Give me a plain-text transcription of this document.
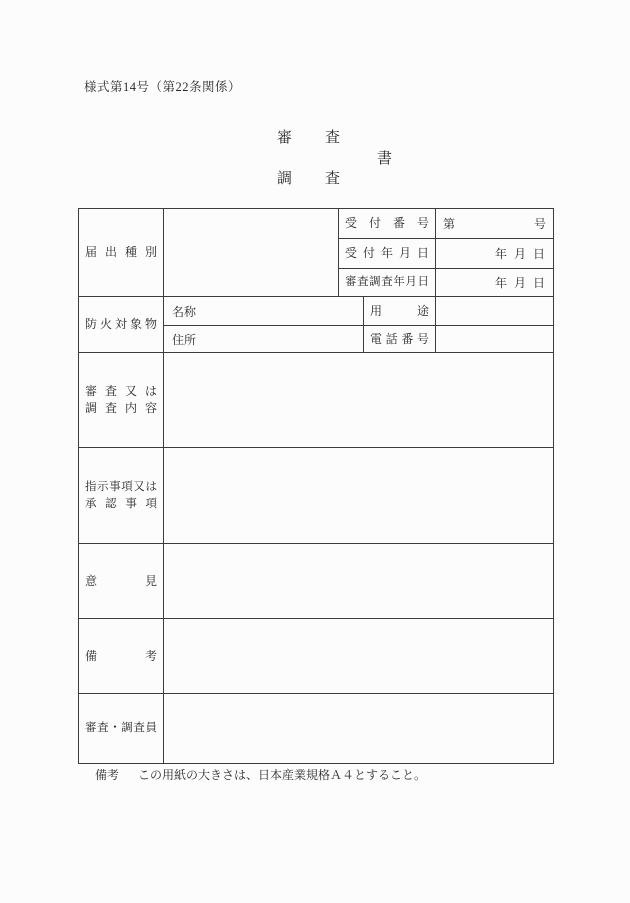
様式第14号（第22条関係）
審　　査
書
調　　査
届出種別		受付番号		第 号

		受付年月日		年 月 日

		審査調査年月日		年 月 日

防火対象物	名称		用途	

	住所		電話番号	

審査又は
調査内容				

指示事項又は
承認事項				

意見				

備考				

審査・調査員				

備考 この用紙の大きさは、日本産業規格Ａ４とすること。
